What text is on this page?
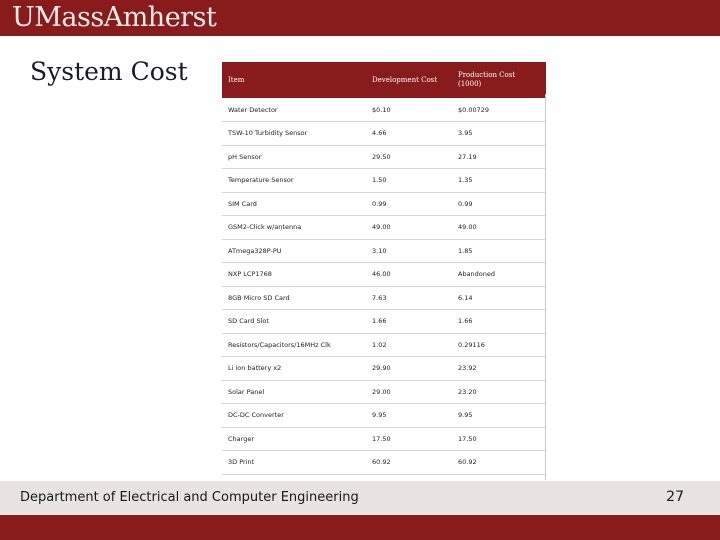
UMassAmherst
System Cost	Item	Development Cost	Production Cost (1000)
Water Detector	$0.10	$0.00729
TSW-10 Turbidity Sensor	4.66	3.95
pH Sensor	29.50	27.19
Temperature Sensor	1.50	1.35
SIM Card	0.99	0.99
GSM2-Click w/antenna	49.00	49.00
ATmega328P-PU	3.10	1.85
NXP LCP1768	46.00	Abandoned
8GB Micro SD Card	7.63	6.14
SD Card Slot	1.66	1.66
Resistors/Capacitors/16MHz Clk	1.02	0.29116
Li ion battery x2	29.90	23.92
Solar Panel	29.00	23.20
DC-DC Converter	9.95	9.95
Charger	17.50	17.50
3D Print	60.92	60.92

Department of Electrical and Computer Engineering	27
